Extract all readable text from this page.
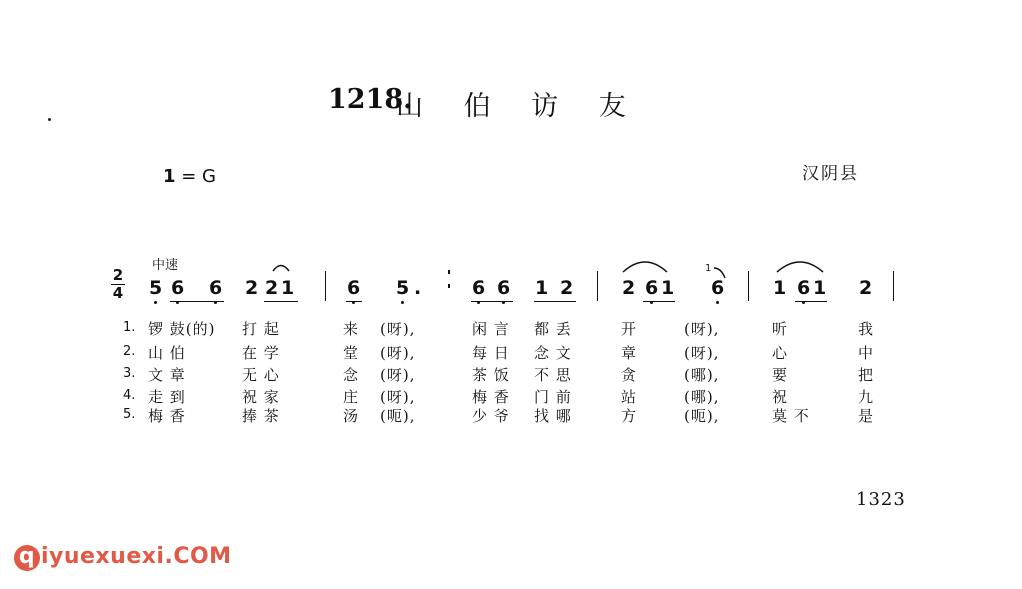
1218.
山 伯 访 友
1 = G	汉阴县
中速
2
4 5 6 6 2 2 1	6 5 .	6 6 1 2	2 6 1
1
6	1 6 1 2
1. 锣 鼓(的) 打 起	来 (呀),	闲 言 都 丢	开	(呀),	听	我
2. 山 伯	在 学	堂 (呀),	每 日 念 文	章	(呀),	心	中
3. 文 章	无 心	念 (呀),	茶 饭 不 思	贪	(哪),	要	把
4. 走 到	祝 家	庄 (呀),	梅 香 门 前	站	(哪),	祝	九
5. 梅 香	捧 茶	汤 (呃),	少 爷 找 哪	方	(呃),	莫 不	是
1323
q iyuexuexi.COM
